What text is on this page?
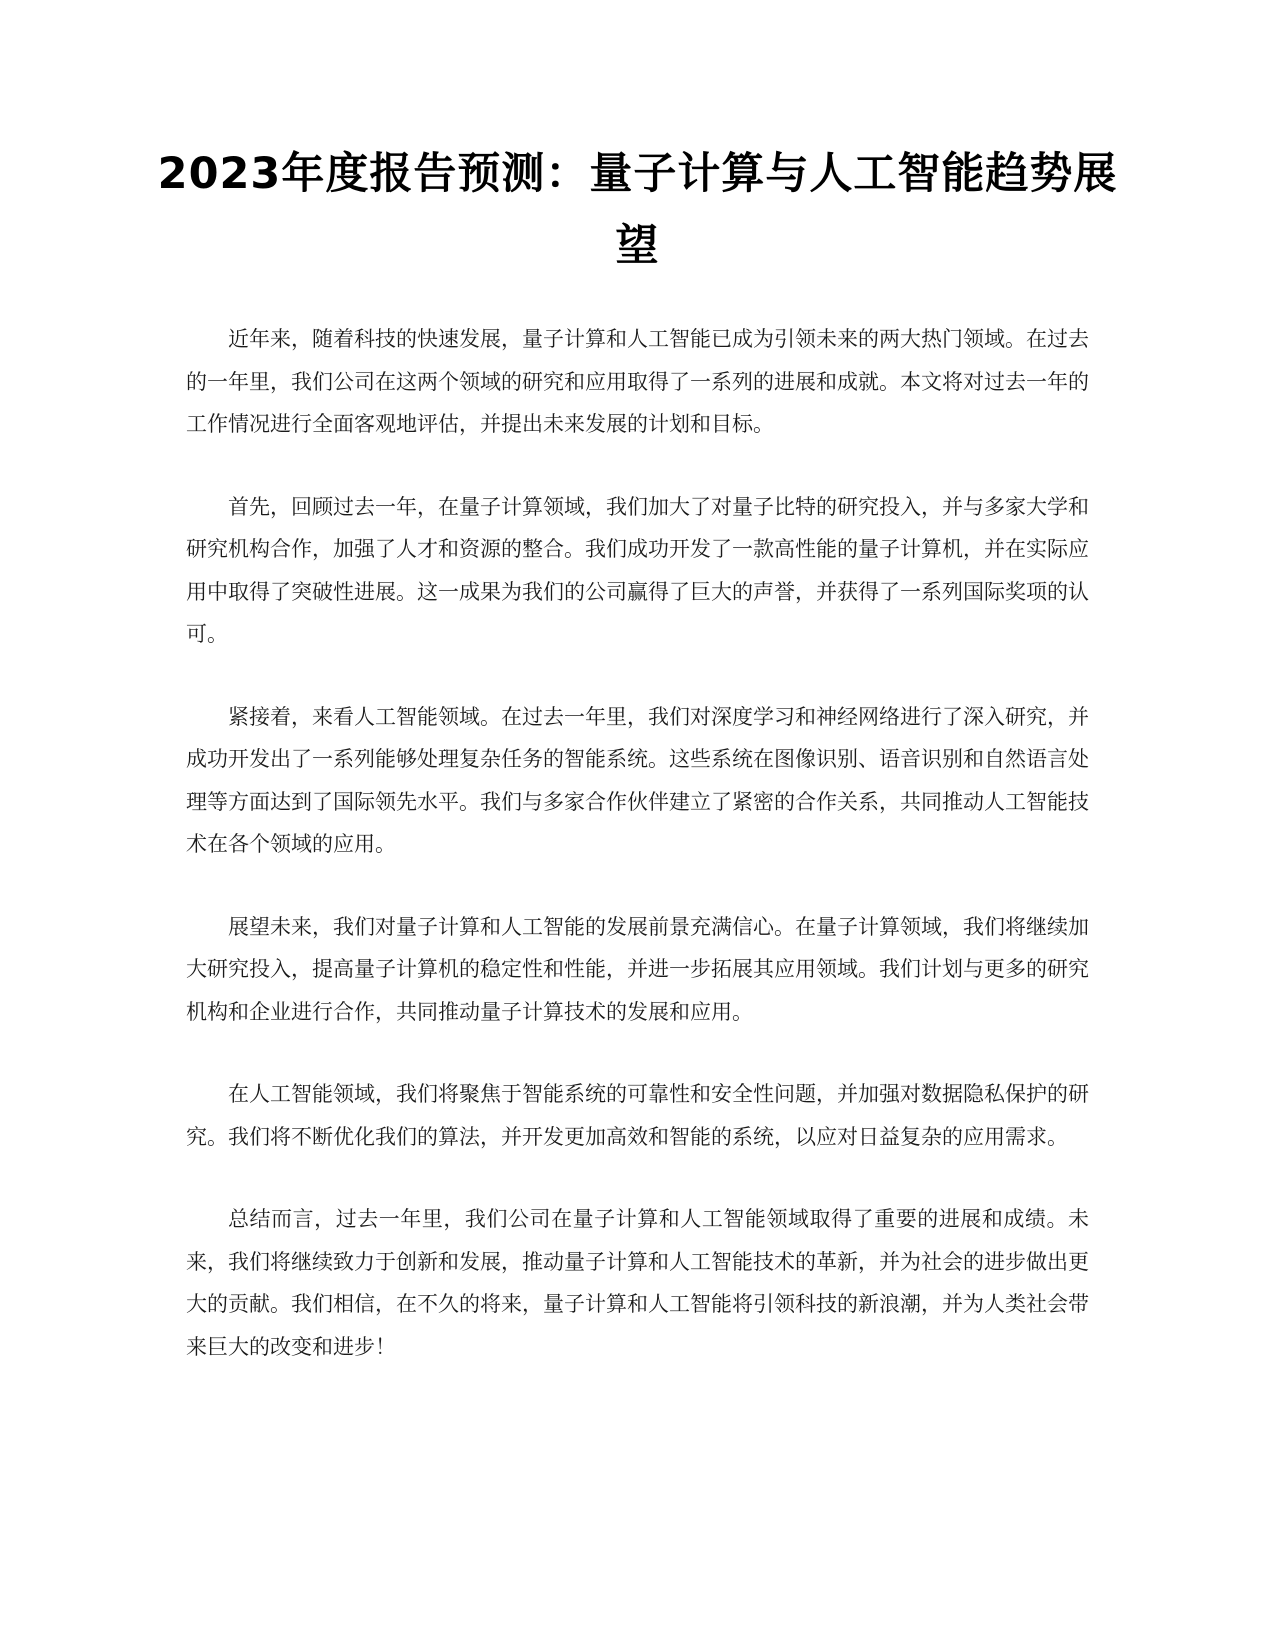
2023年度报告预测：量子计算与人工智能趋势展望

近年来，随着科技的快速发展，量子计算和人工智能已成为引领未来的两大热门领域。在过去的一年里，我们公司在这两个领域的研究和应用取得了一系列的进展和成就。本文将对过去一年的工作情况进行全面客观地评估，并提出未来发展的计划和目标。

首先，回顾过去一年，在量子计算领域，我们加大了对量子比特的研究投入，并与多家大学和研究机构合作，加强了人才和资源的整合。我们成功开发了一款高性能的量子计算机，并在实际应用中取得了突破性进展。这一成果为我们的公司赢得了巨大的声誉，并获得了一系列国际奖项的认可。

紧接着，来看人工智能领域。在过去一年里，我们对深度学习和神经网络进行了深入研究，并成功开发出了一系列能够处理复杂任务的智能系统。这些系统在图像识别、语音识别和自然语言处理等方面达到了国际领先水平。我们与多家合作伙伴建立了紧密的合作关系，共同推动人工智能技术在各个领域的应用。

展望未来，我们对量子计算和人工智能的发展前景充满信心。在量子计算领域，我们将继续加大研究投入，提高量子计算机的稳定性和性能，并进一步拓展其应用领域。我们计划与更多的研究机构和企业进行合作，共同推动量子计算技术的发展和应用。

在人工智能领域，我们将聚焦于智能系统的可靠性和安全性问题，并加强对数据隐私保护的研究。我们将不断优化我们的算法，并开发更加高效和智能的系统，以应对日益复杂的应用需求。

总结而言，过去一年里，我们公司在量子计算和人工智能领域取得了重要的进展和成绩。未来，我们将继续致力于创新和发展，推动量子计算和人工智能技术的革新，并为社会的进步做出更大的贡献。我们相信，在不久的将来，量子计算和人工智能将引领科技的新浪潮，并为人类社会带来巨大的改变和进步！
